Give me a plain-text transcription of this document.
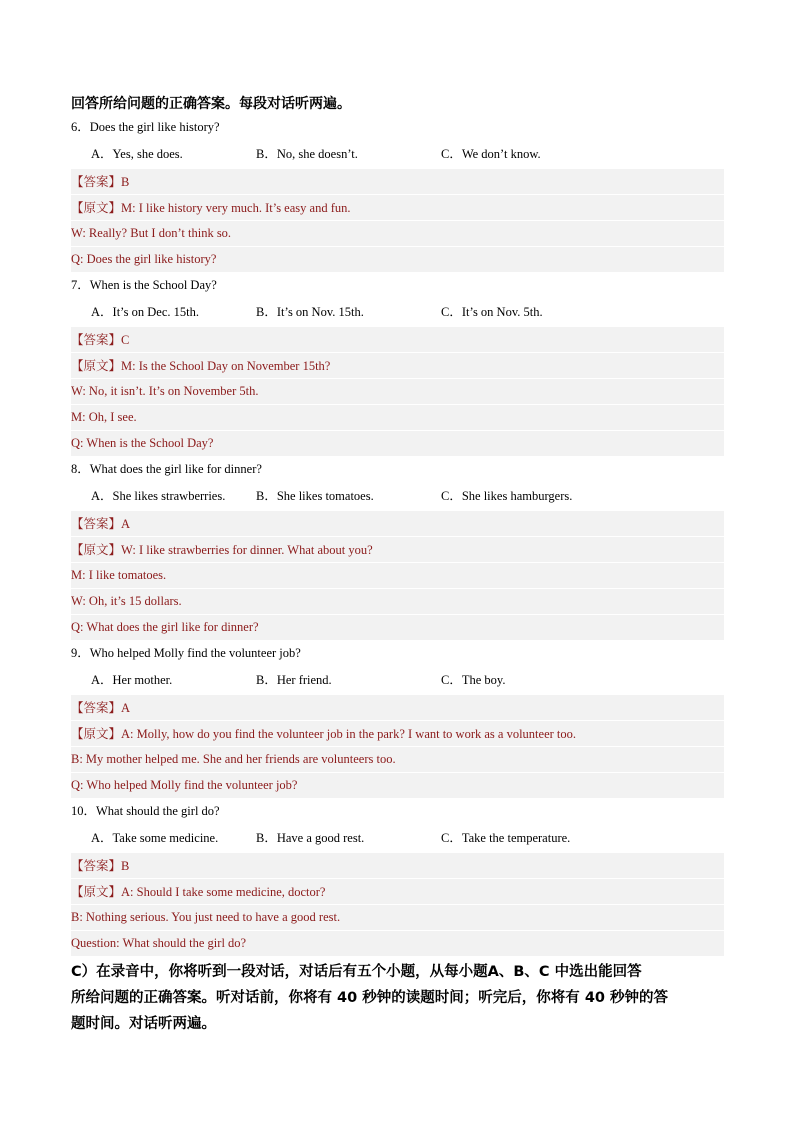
回答所给问题的正确答案。每段对话听两遍。
6．Does the girl like history?
A．Yes, she does.	B．No, she doesn’t.	C．We don’t know.
【答案】B
【原文】M: I like history very much. It’s easy and fun.
W: Really? But I don’t think so.
Q: Does the girl like history?
7．When is the School Day?
A．It’s on Dec. 15th.	B．It’s on Nov. 15th.	C．It’s on Nov. 5th.
【答案】C
【原文】M: Is the School Day on November 15th?
W: No, it isn’t. It’s on November 5th.
M: Oh, I see.
Q: When is the School Day?
8．What does the girl like for dinner?
A．She likes strawberries.	B．She likes tomatoes.	C．She likes hamburgers.
【答案】A
【原文】W: I like strawberries for dinner. What about you?
M: I like tomatoes.
W: Oh, it’s 15 dollars.
Q: What does the girl like for dinner?
9．Who helped Molly find the volunteer job?
A．Her mother.	B．Her friend.	C．The boy.
【答案】A
【原文】A: Molly, how do you find the volunteer job in the park? I want to work as a volunteer too.
B: My mother helped me. She and her friends are volunteers too.
Q: Who helped Molly find the volunteer job?
10．What should the girl do?
A．Take some medicine.	B．Have a good rest.	C．Take the temperature.
【答案】B
【原文】A: Should I take some medicine, doctor?
B: Nothing serious. You just need to have a good rest.
Question: What should the girl do?
C）在录音中，你将听到一段对话，对话后有五个小题，从每小题A、B、C 中选出能回答
所给问题的正确答案。听对话前，你将有 40 秒钟的读题时间；听完后，你将有 40 秒钟的答
题时间。对话听两遍。
